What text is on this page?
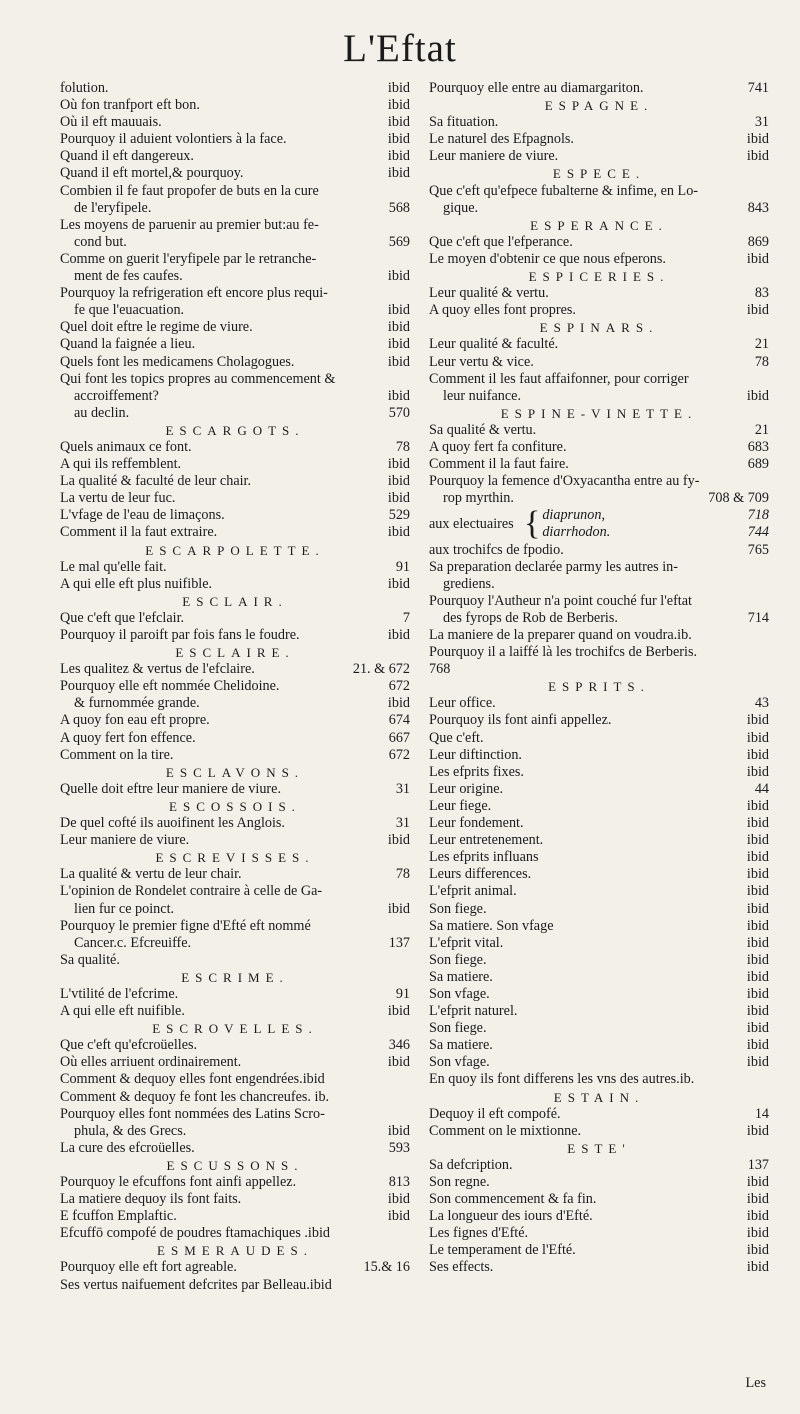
L'Eftat
folution.	ibid
Où fon tranfport eft bon.	ibid
Où il eft mauuais.	ibid
Pourquoy il aduient volontiers à la face.	ibid
Quand il eft dangereux.	ibid
Quand il eft mortel,& pourquoy.	ibid
Combien il fe faut propofer de buts en la cure
de l'eryfipele.	568
Les moyens de paruenir au premier but:au fe-
cond but.	569
Comme on guerit l'eryfipele par le retranche-
ment de fes caufes.	ibid
Pourquoy la refrigeration eft encore plus requi-
fe que l'euacuation.	ibid
Quel doit eftre le regime de viure.	ibid
Quand la faignée a lieu.	ibid
Quels font les medicamens Cholagogues.	ibid
Qui font les topics propres au commencement &
accroiffement?	ibid
au declin.	570
ESCARGOTS.
Quels animaux ce font.	78
A qui ils reffemblent.	ibid
La qualité & faculté de leur chair.	ibid
La vertu de leur fuc.	ibid
L'vfage de l'eau de limaçons.	529
Comment il la faut extraire.	ibid
ESCARPOLETTE.
Le mal qu'elle fait.	91
A qui elle eft plus nuifible.	ibid
ESCLAIR.
Que c'eft que l'efclair.	7
Pourquoy il paroift par fois fans le foudre.	ibid
ESCLAIRE.
Les qualitez & vertus de l'efclaire.	21. & 672
Pourquoy elle eft nommée Chelidoine.	672
& furnommée grande.	ibid
A quoy fon eau eft propre.	674
A quoy fert fon effence.	667
Comment on la tire.	672
ESCLAVONS.
Quelle doit eftre leur maniere de viure.	31
ESCOSSOIS.
De quel cofté ils auoifinent les Anglois.	31
Leur maniere de viure.	ibid
ESCREVISSES.
La qualité & vertu de leur chair.	78
L'opinion de Rondelet contraire à celle de Ga-
lien fur ce poinct.	ibid
Pourquoy le premier figne d'Efté eft nommé
Cancer.c. Efcreuiffe.	137
Sa qualité.
ESCRIME.
L'vtilité de l'efcrime.	91
A qui elle eft nuifible.	ibid
ESCROVELLES.
Que c'eft qu'efcroüelles.	346
Où elles arriuent ordinairement.	ibid
Comment & dequoy elles font engendrées.ibid
Comment & dequoy fe font les chancreufes. ib.
Pourquoy elles font nommées des Latins Scro-
phula, & des Grecs.	ibid
La cure des efcroüelles.	593
ESCUSSONS.
Pourquoy le efcuffons font ainfi appellez.	813
La matiere dequoy ils font faits.	ibid
E fcuffon Emplaftic.	ibid
Efcuffō compofé de poudres ftamachiques .ibid
ESMERAUDES.
Pourquoy elle eft fort agreable.	15.& 16
Ses vertus naifuement defcrites par Belleau.ibid
Pourquoy elle entre au diamargariton.	741
ESPAGNE.
Sa fituation.	31
Le naturel des Efpagnols.	ibid
Leur maniere de viure.	ibid
ESPECE.
Que c'eft qu'efpece fubalterne & infime, en Lo-
gique.	843
ESPERANCE.
Que c'eft que l'efperance.	869
Le moyen d'obtenir ce que nous efperons.	ibid
ESPICERIES.
Leur qualité & vertu.	83
A quoy elles font propres.	ibid
ESPINARS.
Leur qualité & faculté.	21
Leur vertu & vice.	78
Comment il les faut affaifonner, pour corriger
leur nuifance.	ibid
ESPINE-VINETTE.
Sa qualité & vertu.	21
A quoy fert fa confiture.	683
Comment il la faut faire.	689
Pourquoy la femence d'Oxyacantha entre au fy-
rop myrthin.	708 & 709
aux electuaires { diaprunon,	718
diarrhodon.	744
aux trochifcs de fpodio.	765
Sa preparation declarée parmy les autres in-
grediens.
Pourquoy l'Autheur n'a point couché fur l'eftat
des fyrops de Rob de Berberis.	714
La maniere de la preparer quand on voudra.ib.
Pourquoy il a laiffé là les trochifcs de Berberis.
768
ESPRITS.
Leur office.	43
Pourquoy ils font ainfi appellez.	ibid
Que c'eft.	ibid
Leur diftinction.	ibid
Les efprits fixes.	ibid
Leur origine.	44
Leur fiege.	ibid
Leur fondement.	ibid
Leur entretenement.	ibid
Les efprits influans	ibid
Leurs differences.	ibid
L'efprit animal.	ibid
Son fiege.	ibid
Sa matiere. Son vfage	ibid
L'efprit vital.	ibid
Son fiege.	ibid
Sa matiere.	ibid
Son vfage.	ibid
L'efprit naturel.	ibid
Son fiege.	ibid
Sa matiere.	ibid
Son vfage.	ibid
En quoy ils font differens les vns des autres.ib.
ESTAIN.
Dequoy il eft compofé.	14
Comment on le mixtionne.	ibid
ESTE'
Sa defcription.	137
Son regne.	ibid
Son commencement & fa fin.	ibid
La longueur des iours d'Efté.	ibid
Les fignes d'Efté.	ibid
Le temperament de l'Efté.	ibid
Ses effects.	ibid
Les
